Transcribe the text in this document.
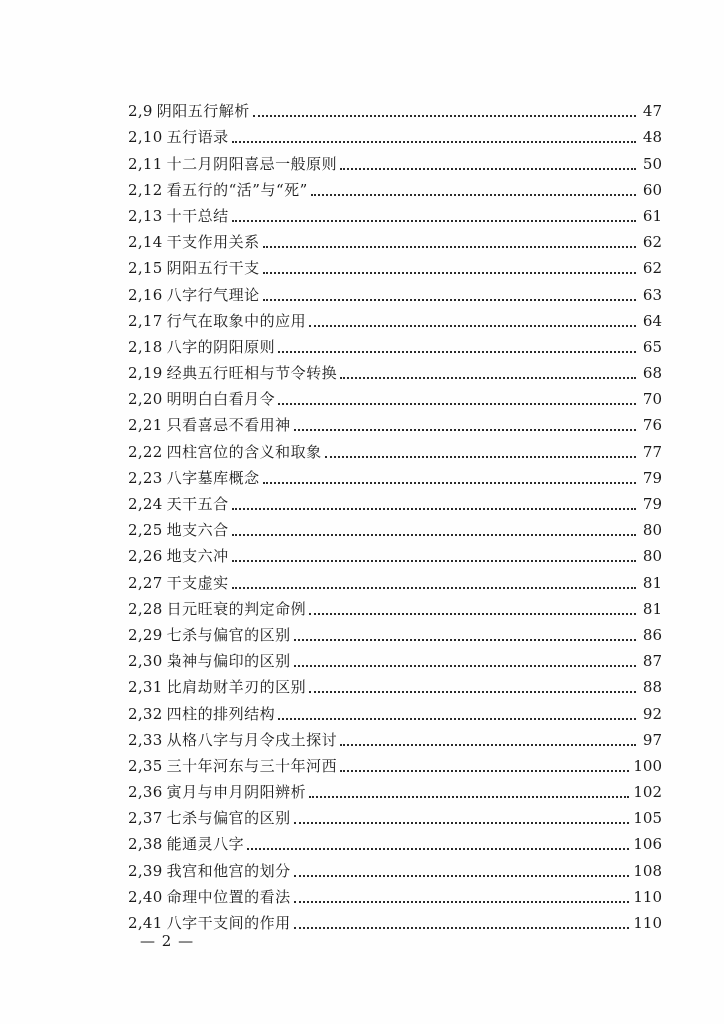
2,9 阴阳五行解析	47
2,10 五行语录	48
2,11 十二月阴阳喜忌一般原则	50
2,12 看五行的“活”与“死”	60
2,13 十干总结	61
2,14 干支作用关系	62
2,15 阴阳五行干支	62
2,16 八字行气理论	63
2,17 行气在取象中的应用	64
2,18 八字的阴阳原则	65
2,19 经典五行旺相与节令转换	68
2,20 明明白白看月令	70
2,21 只看喜忌不看用神	76
2,22 四柱宫位的含义和取象	77
2,23 八字墓库概念	79
2,24 天干五合	79
2,25 地支六合	80
2,26 地支六冲	80
2,27 干支虚实	81
2,28 日元旺衰的判定命例	81
2,29 七杀与偏官的区别	86
2,30 枭神与偏印的区别	87
2,31 比肩劫财羊刃的区别	88
2,32 四柱的排列结构	92
2,33 从格八字与月令戌土探讨	97
2,35 三十年河东与三十年河西	100
2,36 寅月与申月阴阳辨析	102
2,37 七杀与偏官的区别	105
2,38 能通灵八字	106
2,39 我宫和他宫的划分	108
2,40 命理中位置的看法	110
2,41 八字干支间的作用	110
— 2 —
